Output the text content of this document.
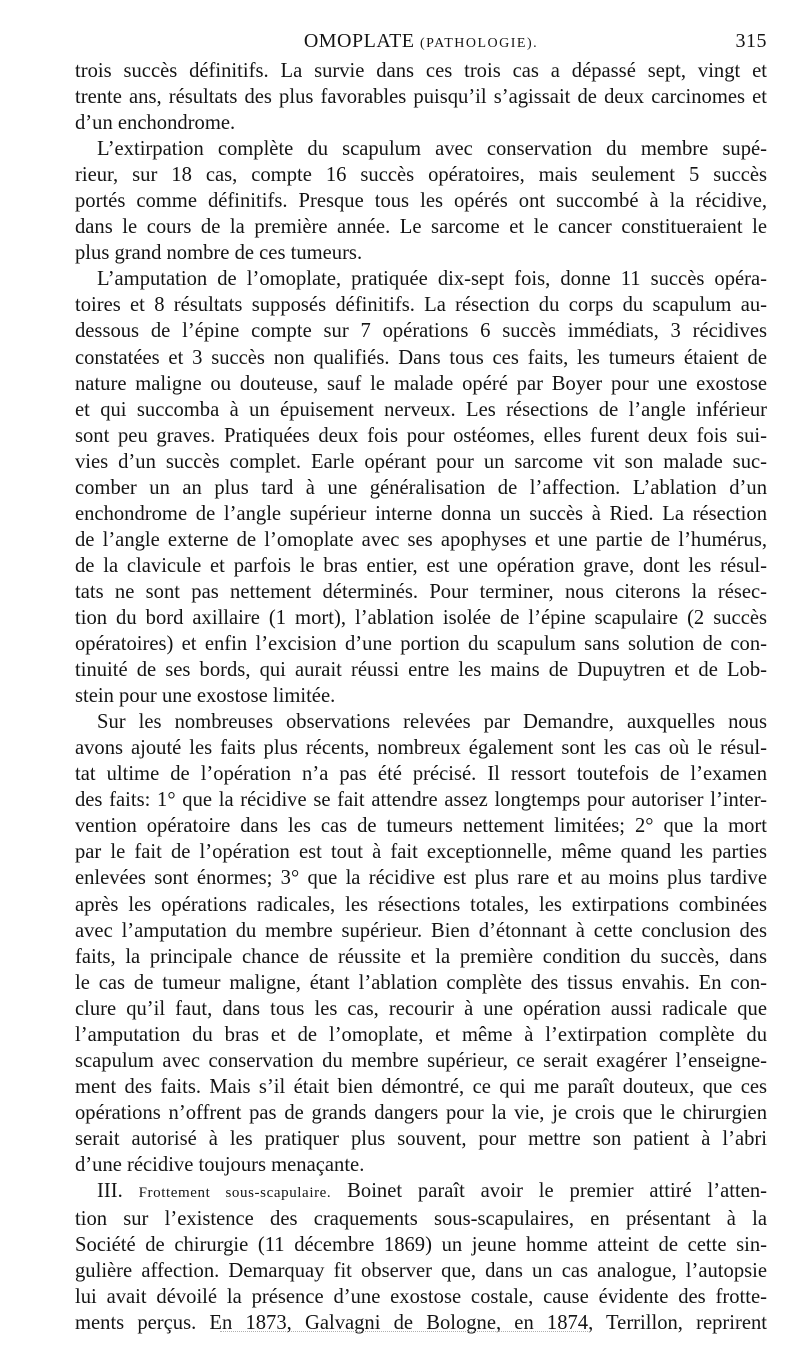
OMOPLATE (PATHOLOGIE).	315
trois succès définitifs. La survie dans ces trois cas a dépassé sept, vingt et
trente ans, résultats des plus favorables puisqu’il s’agissait de deux carcinomes et
d’un enchondrome.
L’extirpation complète du scapulum avec conservation du membre supé-
rieur, sur 18 cas, compte 16 succès opératoires, mais seulement 5 succès
portés comme définitifs. Presque tous les opérés ont succombé à la récidive,
dans le cours de la première année. Le sarcome et le cancer constitueraient le
plus grand nombre de ces tumeurs.
L’amputation de l’omoplate, pratiquée dix-sept fois, donne 11 succès opéra-
toires et 8 résultats supposés définitifs. La résection du corps du scapulum au-
dessous de l’épine compte sur 7 opérations 6 succès immédiats, 3 récidives
constatées et 3 succès non qualifiés. Dans tous ces faits, les tumeurs étaient de
nature maligne ou douteuse, sauf le malade opéré par Boyer pour une exostose
et qui succomba à un épuisement nerveux. Les résections de l’angle inférieur
sont peu graves. Pratiquées deux fois pour ostéomes, elles furent deux fois sui-
vies d’un succès complet. Earle opérant pour un sarcome vit son malade suc-
comber un an plus tard à une généralisation de l’affection. L’ablation d’un
enchondrome de l’angle supérieur interne donna un succès à Ried. La résection
de l’angle externe de l’omoplate avec ses apophyses et une partie de l’humérus,
de la clavicule et parfois le bras entier, est une opération grave, dont les résul-
tats ne sont pas nettement déterminés. Pour terminer, nous citerons la résec-
tion du bord axillaire (1 mort), l’ablation isolée de l’épine scapulaire (2 succès
opératoires) et enfin l’excision d’une portion du scapulum sans solution de con-
tinuité de ses bords, qui aurait réussi entre les mains de Dupuytren et de Lob-
stein pour une exostose limitée.
Sur les nombreuses observations relevées par Demandre, auxquelles nous
avons ajouté les faits plus récents, nombreux également sont les cas où le résul-
tat ultime de l’opération n’a pas été précisé. Il ressort toutefois de l’examen
des faits: 1° que la récidive se fait attendre assez longtemps pour autoriser l’inter-
vention opératoire dans les cas de tumeurs nettement limitées; 2° que la mort
par le fait de l’opération est tout à fait exceptionnelle, même quand les parties
enlevées sont énormes; 3° que la récidive est plus rare et au moins plus tardive
après les opérations radicales, les résections totales, les extirpations combinées
avec l’amputation du membre supérieur. Bien d’étonnant à cette conclusion des
faits, la principale chance de réussite et la première condition du succès, dans
le cas de tumeur maligne, étant l’ablation complète des tissus envahis. En con-
clure qu’il faut, dans tous les cas, recourir à une opération aussi radicale que
l’amputation du bras et de l’omoplate, et même à l’extirpation complète du
scapulum avec conservation du membre supérieur, ce serait exagérer l’enseigne-
ment des faits. Mais s’il était bien démontré, ce qui me paraît douteux, que ces
opérations n’offrent pas de grands dangers pour la vie, je crois que le chirurgien
serait autorisé à les pratiquer plus souvent, pour mettre son patient à l’abri
d’une récidive toujours menaçante.
III. Frottement sous-scapulaire. Boinet paraît avoir le premier attiré l’atten-
tion sur l’existence des craquements sous-scapulaires, en présentant à la
Société de chirurgie (11 décembre 1869) un jeune homme atteint de cette sin-
gulière affection. Demarquay fit observer que, dans un cas analogue, l’autopsie
lui avait dévoilé la présence d’une exostose costale, cause évidente des frotte-
ments perçus. En 1873, Galvagni de Bologne, en 1874, Terrillon, reprirent
